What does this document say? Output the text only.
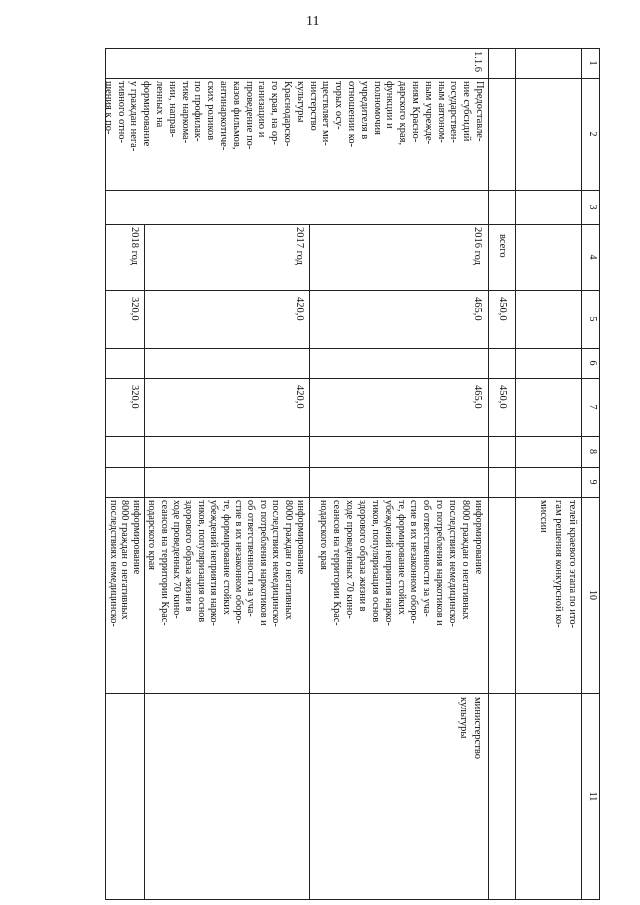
11
1
2
3
4
5
6
7
8
9
10
11
телей краевого этапа по ито-
гам решения конкурсной ко-
миссии
всего
450,0
450,0
1.1.6
Предоставле-
ние субсидий
государствен-
ным автоном-
ным учрежде-
ниям Красно-
дарского края,
функции и
полномочия
учредителя в
отношении ко-
торых осу-
ществляет ми-
нистерство
культуры
Краснодарско-
го края, на ор-
ганизацию и
проведение по-
казов фильмов,
антинаркотиче-
ских роликов
по профилак-
тике наркома-
нии, направ-
ленных на
формирование
у граждан нега-
тивного отно-
шения к по-
министерство
культуры
2016 год
465,0
465,0
информирование
8000 граждан о негативных
последствиях немедицинско-
го потребления наркотиков и
об ответственности за уча-
стие в их незаконном оборо-
те, формирование стойких
убеждений неприятия нарко-
тиков, популяризация основ
здорового образа жизни в
ходе проведенных 70 кино-
сеансов на территории Крас-
нодарского края
2017 год
420,0
420,0
информирование
8000 граждан о негативных
последствиях немедицинско-
го потребления наркотиков и
об ответственности за уча-
стие в их незаконном оборо-
те, формирование стойких
убеждений неприятия нарко-
тиков, популяризация основ
здорового образа жизни в
ходе проведенных 70 кино-
сеансов на территории Крас-
нодарского края
2018 год
320,0
320,0
информирование
8000 граждан о негативных
последствиях немедицинско-
